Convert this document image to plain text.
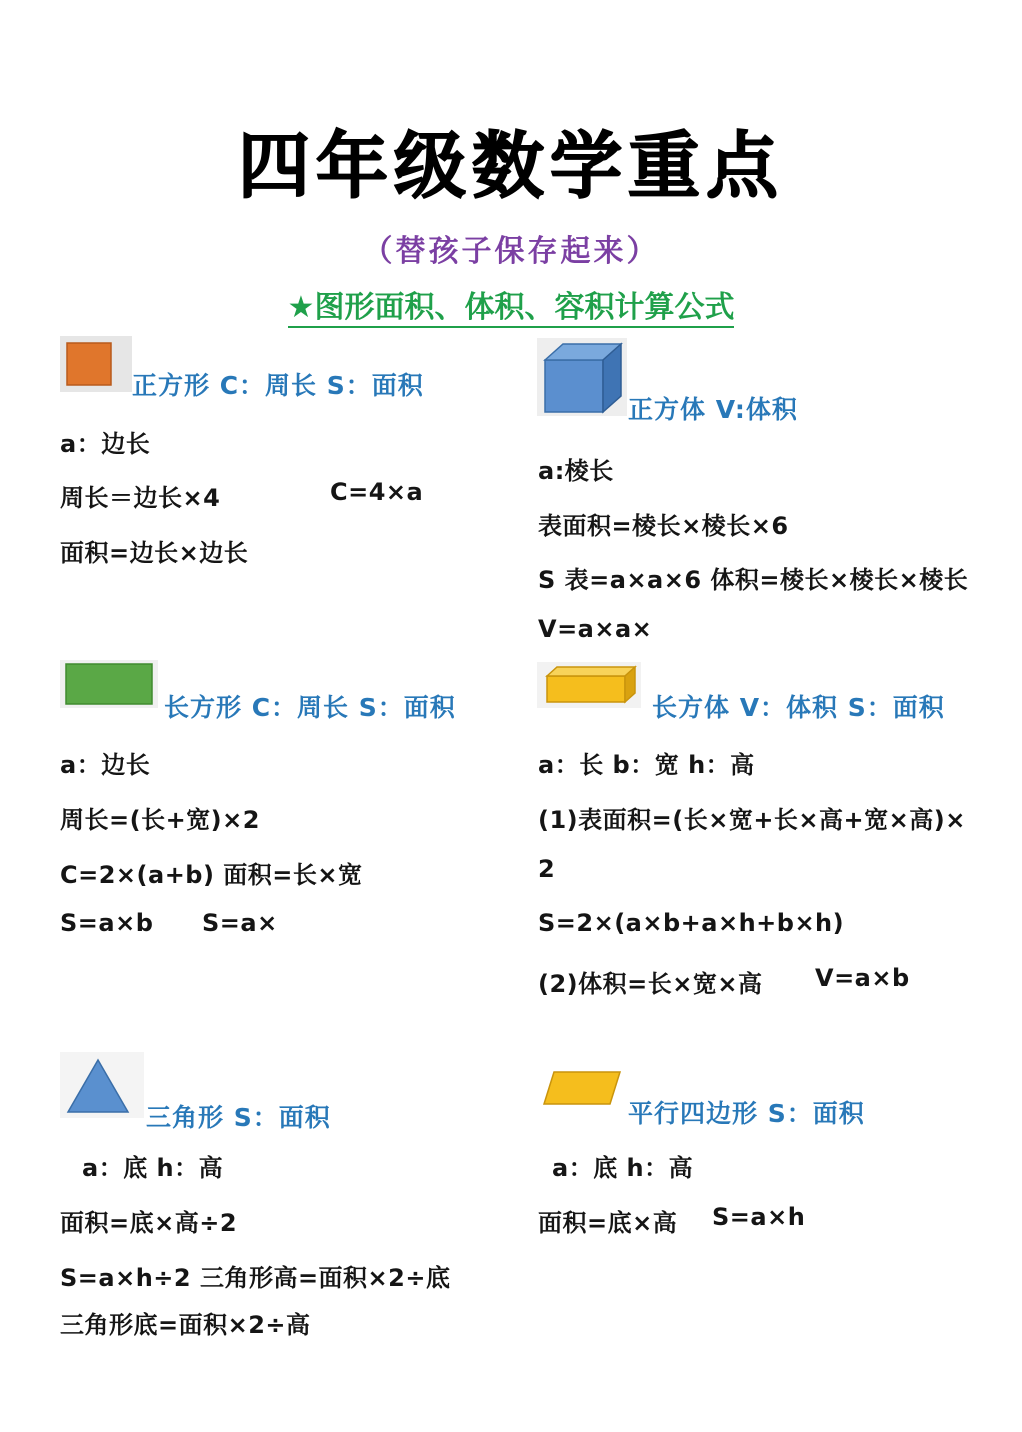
四年级数学重点
（替孩子保存起来）
★图形面积、体积、容积计算公式
正方形 C：周长 S：面积
a：边长
周长＝边长×4	C=4×a
面积=边长×边长
正方体 V:体积
a:棱长
表面积=棱长×棱长×6
S 表=a×a×6 体积=棱长×棱长×棱长
V=a×a×
长方形 C：周长 S：面积
a：边长
周长=(长+宽)×2
C=2×(a+b) 面积=长×宽
S=a×b S=a×
长方体 V：体积 S：面积
a：长 b：宽 h：高
(1)表面积=(长×宽+长×高+宽×高)×
2
S=2×(a×b+a×h+b×h)
(2)体积=长×宽×高 V=a×b
三角形 S：面积
a：底 h：高
面积=底×高÷2
S=a×h÷2 三角形高=面积×2÷底
三角形底=面积×2÷高
平行四边形 S：面积
a：底 h：高
面积=底×高 S=a×h
